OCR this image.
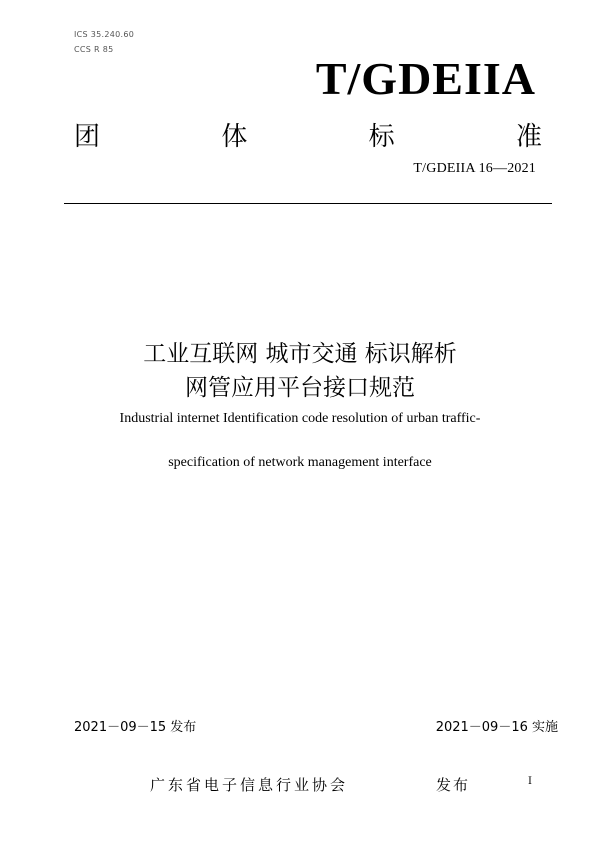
ICS 35.240.60
CCS R 85
T/GDEIIA
团	体	标	准
T/GDEIIA 16—2021
工业互联网 城市交通 标识解析
网管应用平台接口规范
Industrial internet Identification code resolution of urban traffic-
specification of network management interface
2021－09－15 发布	2021－09－16 实施
广东省电子信息行业协会	发布	I
